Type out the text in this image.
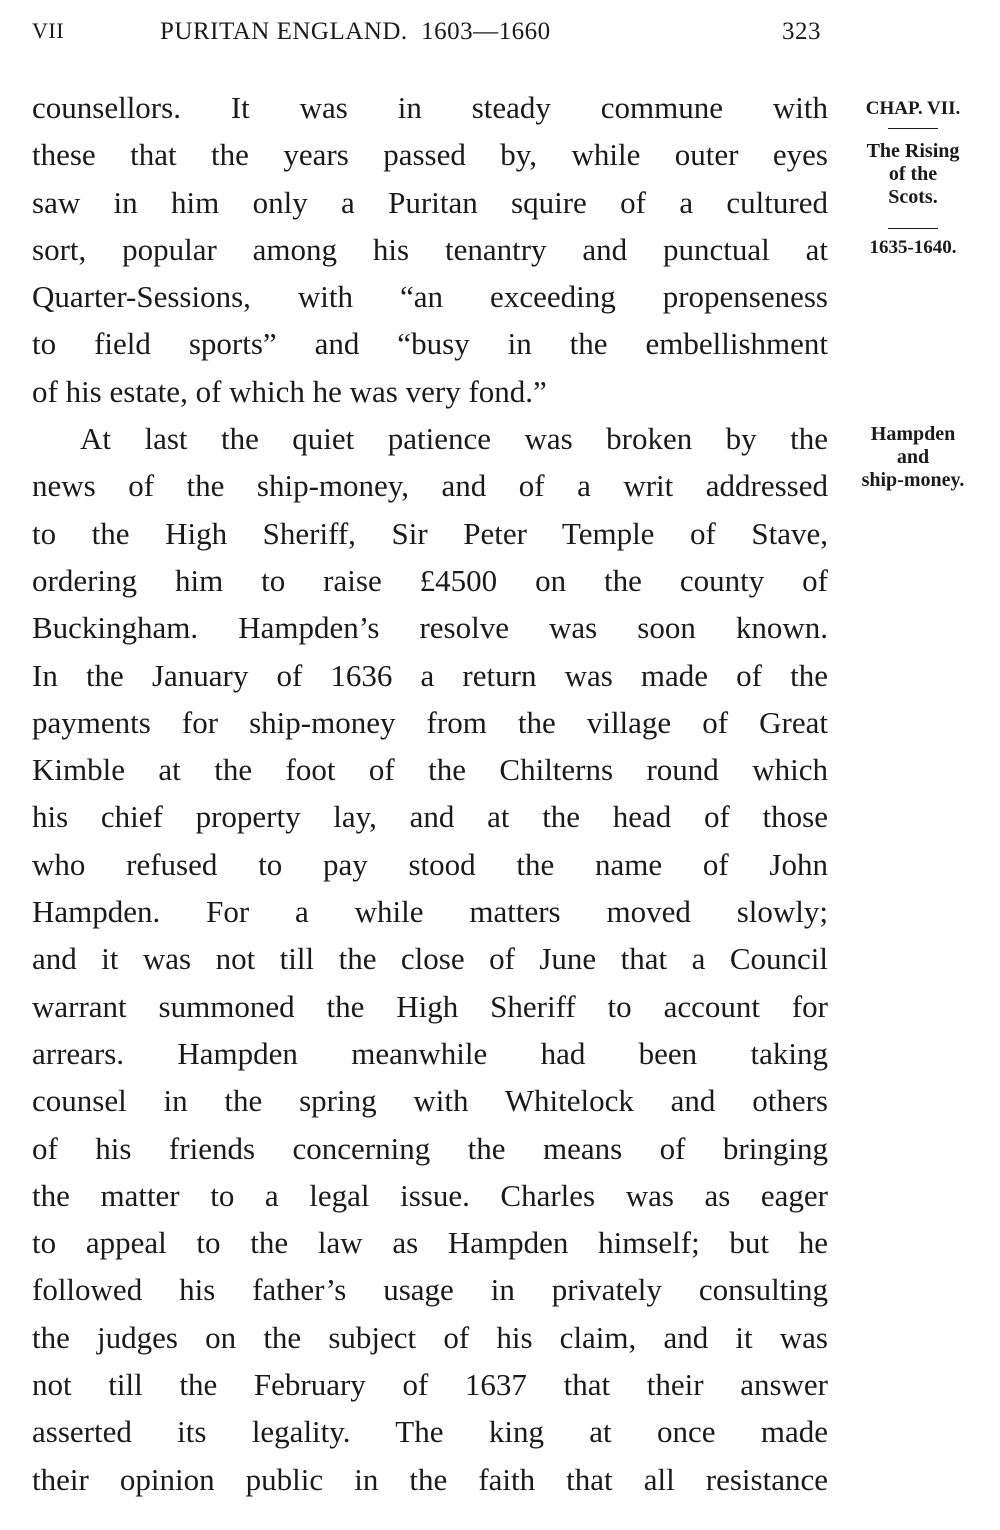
VII	PURITAN ENGLAND.  1603—1660	323
counsellors. It was in steady commune with
these that the years passed by, while outer eyes
saw in him only a Puritan squire of a cultured
sort, popular among his tenantry and punctual at
Quarter-Sessions, with “an exceeding propenseness
to field sports” and “busy in the embellishment
of his estate, of which he was very fond.”
At last the quiet patience was broken by the
news of the ship-money, and of a writ addressed
to the High Sheriff, Sir Peter Temple of Stave,
ordering him to raise £4500 on the county of
Buckingham. Hampden’s resolve was soon known.
In the January of 1636 a return was made of the
payments for ship-money from the village of Great
Kimble at the foot of the Chilterns round which
his chief property lay, and at the head of those
who refused to pay stood the name of John
Hampden. For a while matters moved slowly;
and it was not till the close of June that a Council
warrant summoned the High Sheriff to account for
arrears. Hampden meanwhile had been taking
counsel in the spring with Whitelock and others
of his friends concerning the means of bringing
the matter to a legal issue. Charles was as eager
to appeal to the law as Hampden himself; but he
followed his father’s usage in privately consulting
the judges on the subject of his claim, and it was
not till the February of 1637 that their answer
asserted its legality. The king at once made
their opinion public in the faith that all resistance
CHAP. VII.
The Rising
of the
Scots.
1635-1640.
Hampden
and
ship-money.
